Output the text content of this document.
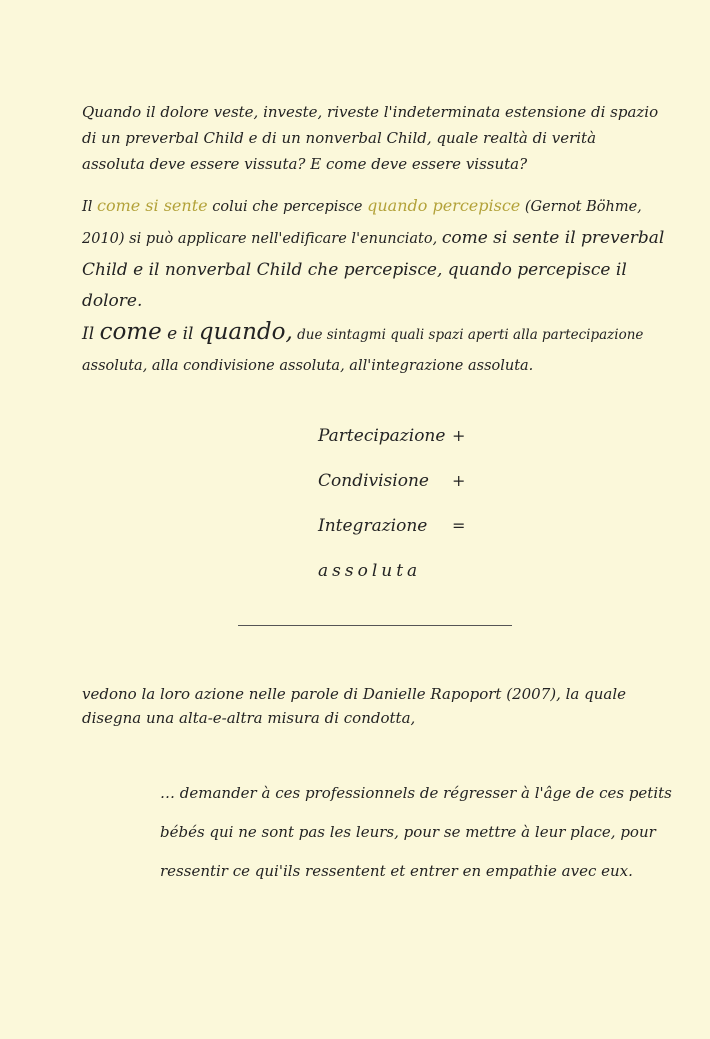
Quando il dolore veste, investe, riveste l'indeterminata estensione di spazio di un preverbal Child e di un nonverbal Child, quale realtà di verità assoluta deve essere vissuta? E come deve essere vissuta?

Il come si sente colui che percepisce quando percepisce (Gernot Böhme,
2010) si può applicare nell'edificare l'enunciato, come si sente il preverbal
Child e il nonverbal Child che percepisce, quando percepisce il dolore.
Il come e il quando, due sintagmi quali spazi aperti alla partecipazione
assoluta, alla condivisione assoluta, all'integrazione assoluta.
Partecipazione +
Condivisione	+
Integrazione	=
assoluta

vedono la loro azione nelle parole di Danielle Rapoport (2007), la quale disegna una alta-e-altra misura di condotta,

… demander à ces professionnels de régresser à l'âge de ces petits
bébés qui ne sont pas les leurs, pour se mettre à leur place, pour
ressentir ce qui'ils ressentent et entrer en empathie avec eux.
